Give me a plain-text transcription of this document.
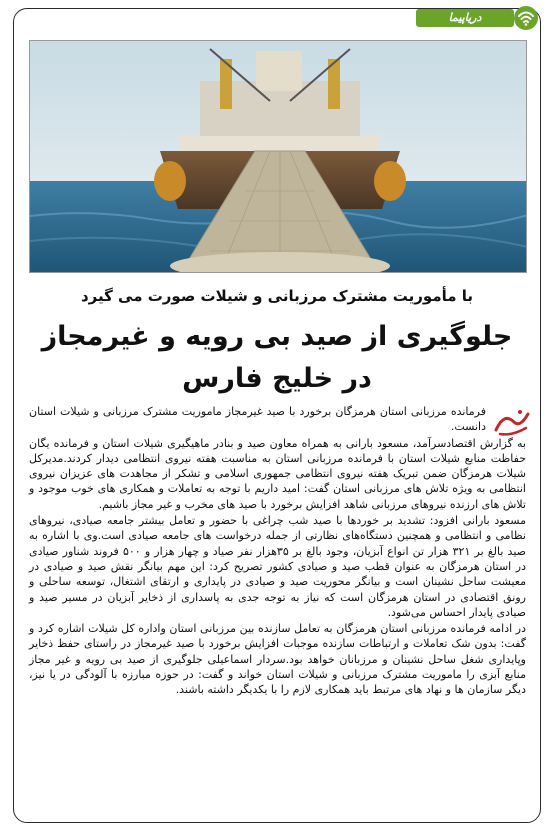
دریاپیما
با مأموریت مشترک مرزبانی و شیلات صورت می گیرد
جلوگیری از صید بی رویه و غیرمجاز
در خلیج فارس

فرمانده مرزبانی استان هرمزگان برخورد با صید غیرمجاز ماموریت مشترک مرزبانی و شیلات استان دانست.

به گزارش اقتصادسرآمد، مسعود بارانی به همراه معاون صید و بنادر ماهیگیری شیلات استان و فرمانده یگان حفاظت منابع شیلات استان با فرمانده مرزبانی استان به مناسبت هفته نیروی انتظامی دیدار کردند.مدیرکل شیلات هرمزگان ضمن تبریک هفته نیروی انتظامی جمهوری اسلامی و تشکر از مجاهدت های عزیزان نیروی انتظامی به ویژه تلاش های مرزبانی استان گفت: امید داریم با توجه به تعاملات و همکاری های خوب موجود و تلاش های ارزنده نیروهای مرزبانی شاهد افزایش برخورد با صید های مخرب و غیر مجاز باشیم.

مسعود بارانی افزود: تشدید بر خوردها با صید شب چراغی با حضور و تعامل بیشتر جامعه صیادی، نیروهای نظامی و انتظامی و همچنین دستگاه‌های نظارتی از جمله درخواست های جامعه صیادی است.وی با اشاره به صید بالغ بر ۳۲۱ هزار تن انواع آبزیان، وجود بالغ بر ۳۵هزار نفر صیاد و چهار هزار و ۵۰۰ فروند شناور صیادی در استان هرمزگان به عنوان قطب صید و صیادی کشور تصریح کرد: این مهم بیانگر نقش صید و صیادی در معیشت ساحل نشینان است و بیانگر محوریت صید و صیادی در پایداری و ارتقای اشتغال، توسعه ساحلی و رونق اقتصادی در استان هرمزگان است که نیاز به توجه جدی به پاسداری از ذخایر آبزیان در مسیر صید و صیادی پایدار احساس می‌شود.

در ادامه فرمانده مرزبانی استان هرمزگان به تعامل سازنده بین مرزبانی استان واداره کل شیلات اشاره کرد و گفت: بدون شک تعاملات و ارتباطات سازنده موجبات افزایش برخورد با صید غیرمجاز در راستای حفظ ذخایر وپایداری شغل ساحل نشینان و مرزبانان خواهد بود.سردار اسماعیلی جلوگیری از صید بی رویه و غیر مجاز منابع آبزی را ماموریت مشترک مرزبانی و شیلات استان خواند و گفت: در حوزه مبارزه با آلودگی در یا نیز، دیگر سازمان ها و نهاد های مرتبط باید همکاری لازم را با یکدیگر داشته باشند.
